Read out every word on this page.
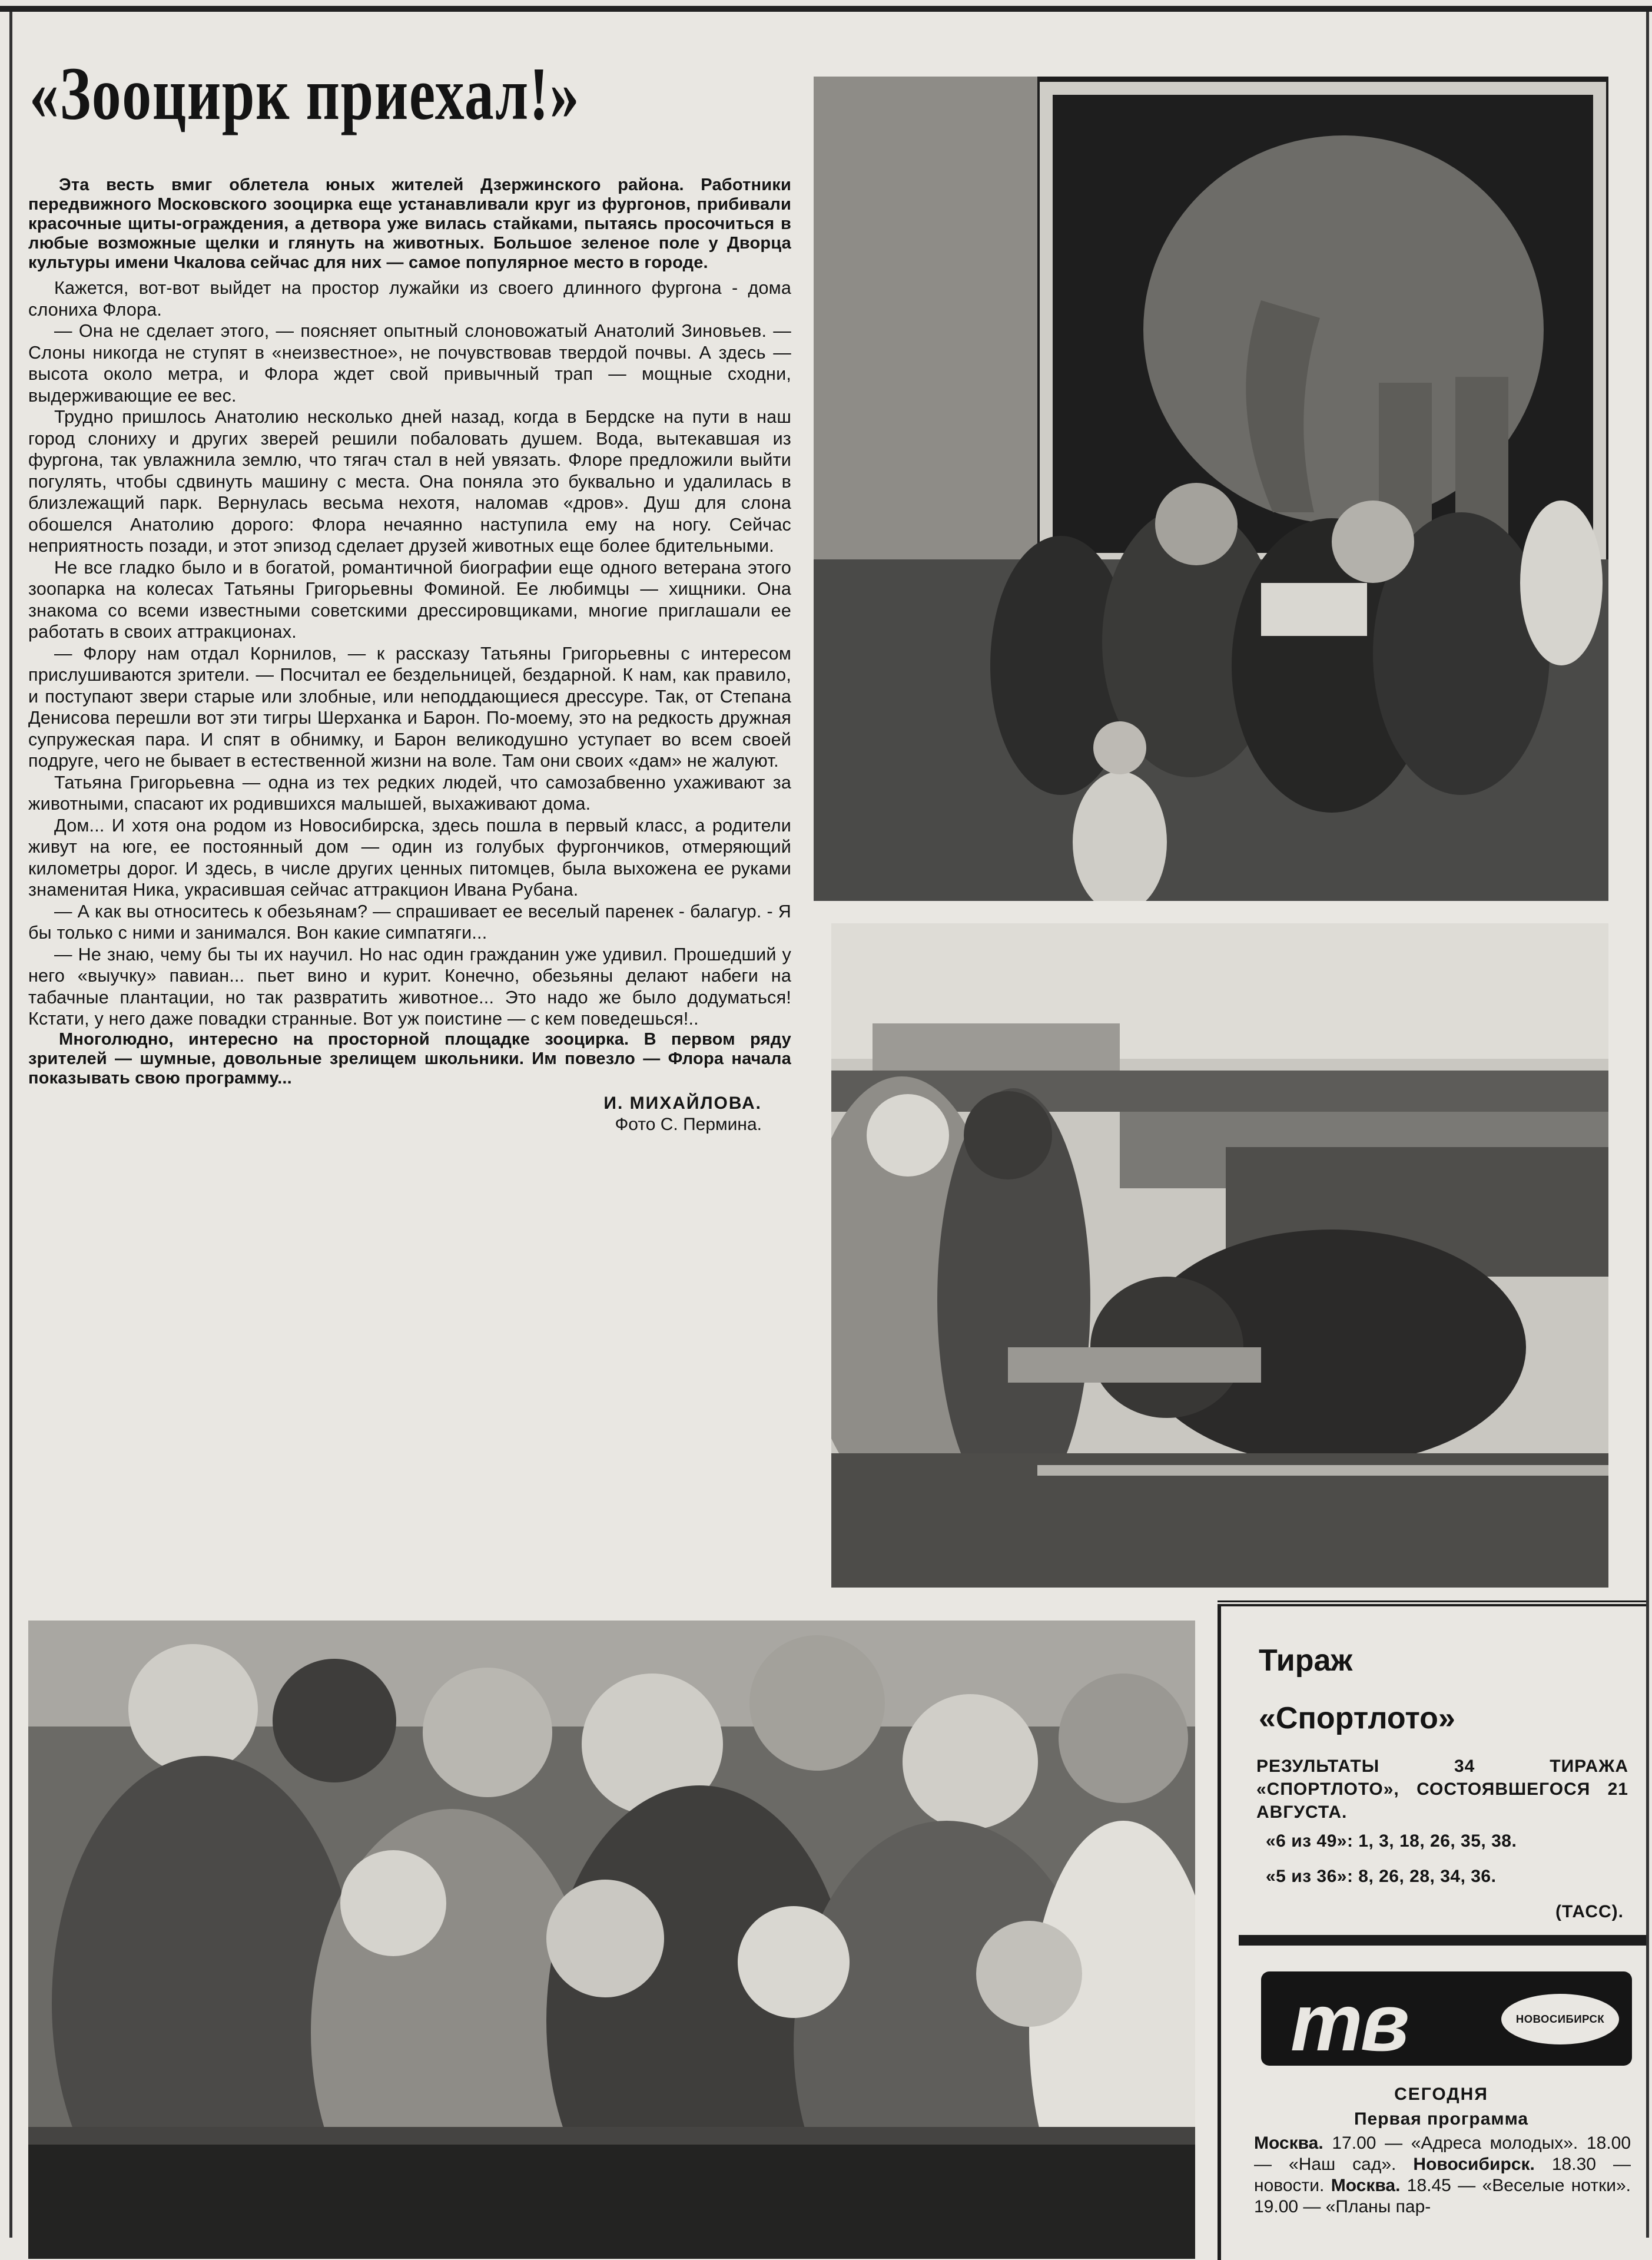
«Зооцирк приехал!»

Эта весть вмиг облетела юных жителей Дзержинского района. Работники передвижного Московского зооцирка еще устанавливали круг из фургонов, прибивали красочные щиты-ограждения, а детвора уже вилась стайками, пытаясь просочиться в любые возможные щелки и глянуть на животных. Большое зеленое поле у Дворца культуры имени Чкалова сейчас для них — самое популярное место в городе.

Кажется, вот-вот выйдет на простор лужайки из своего длинного фургона - дома слониха Флора.

— Она не сделает этого, — поясняет опытный слоновожатый Анатолий Зиновьев. — Слоны никогда не ступят в «неизвестное», не почувствовав твердой почвы. А здесь — высота около метра, и Флора ждет свой привычный трап — мощные сходни, выдерживающие ее вес.

Трудно пришлось Анатолию несколько дней назад, когда в Бердске на пути в наш город слониху и других зверей решили побаловать душем. Вода, вытекавшая из фургона, так увлажнила землю, что тягач стал в ней увязать. Флоре предложили выйти погулять, чтобы сдвинуть машину с места. Она поняла это буквально и удалилась в близлежащий парк. Вернулась весьма нехотя, наломав «дров». Душ для слона обошелся Анатолию дорого: Флора нечаянно наступила ему на ногу. Сейчас неприятность позади, и этот эпизод сделает друзей животных еще более бдительными.

Не все гладко было и в богатой, романтичной биографии еще одного ветерана этого зоопарка на колесах Татьяны Григорьевны Фоминой. Ее любимцы — хищники. Она знакома со всеми известными советскими дрессировщиками, многие приглашали ее работать в своих аттракционах.

— Флору нам отдал Корнилов, — к рассказу Татьяны Григорьевны с интересом прислушиваются зрители. — Посчитал ее бездельницей, бездарной. К нам, как правило, и поступают звери старые или злобные, или неподдающиеся дрессуре. Так, от Степана Денисова перешли вот эти тигры Шерханка и Барон. По-моему, это на редкость дружная супружеская пара. И спят в обнимку, и Барон великодушно уступает во всем своей подруге, чего не бывает в естественной жизни на воле. Там они своих «дам» не жалуют.

Татьяна Григорьевна — одна из тех редких людей, что самозабвенно ухаживают за животными, спасают их родившихся малышей, выхаживают дома.

Дом... И хотя она родом из Новосибирска, здесь пошла в первый класс, а родители живут на юге, ее постоянный дом — один из голубых фургончиков, отмеряющий километры дорог. И здесь, в числе других ценных питомцев, была выхожена ее руками знаменитая Ника, украсившая сейчас аттракцион Ивана Рубана.

— А как вы относитесь к обезьянам? — спрашивает ее веселый паренек - балагур. - Я бы только с ними и занимался. Вон какие симпатяги...

— Не знаю, чему бы ты их научил. Но нас один гражданин уже удивил. Прошедший у него «выучку» павиан... пьет вино и курит. Конечно, обезьяны делают набеги на табачные плантации, но так развратить животное... Это надо же было додуматься! Кстати, у него даже повадки странные. Вот уж поистине — с кем поведешься!..

Многолюдно, интересно на просторной площадке зооцирка. В первом ряду зрителей — шумные, довольные зрелищем школьники. Им повезло — Флора начала показывать свою программу...

И. МИХАЙЛОВА.
Фото С. Пермина.
Тираж
«Спортлото»

РЕЗУЛЬТАТЫ 34 ТИРАЖА «СПОРТЛОТО», СОСТОЯВШЕГОСЯ 21 АВГУСТА.

«6 из 49»: 1, 3, 18, 26, 35, 38.
«5 из 36»: 8, 26, 28, 34, 36.
(ТАСС).
тв	НОВОСИБИРСК
СЕГОДНЯ
Первая программа

Москва. 17.00 — «Адреса молодых». 18.00 — «Наш сад». Новосибирск. 18.30 — новости. Москва. 18.45 — «Веселые нотки». 19.00 — «Планы пар-
